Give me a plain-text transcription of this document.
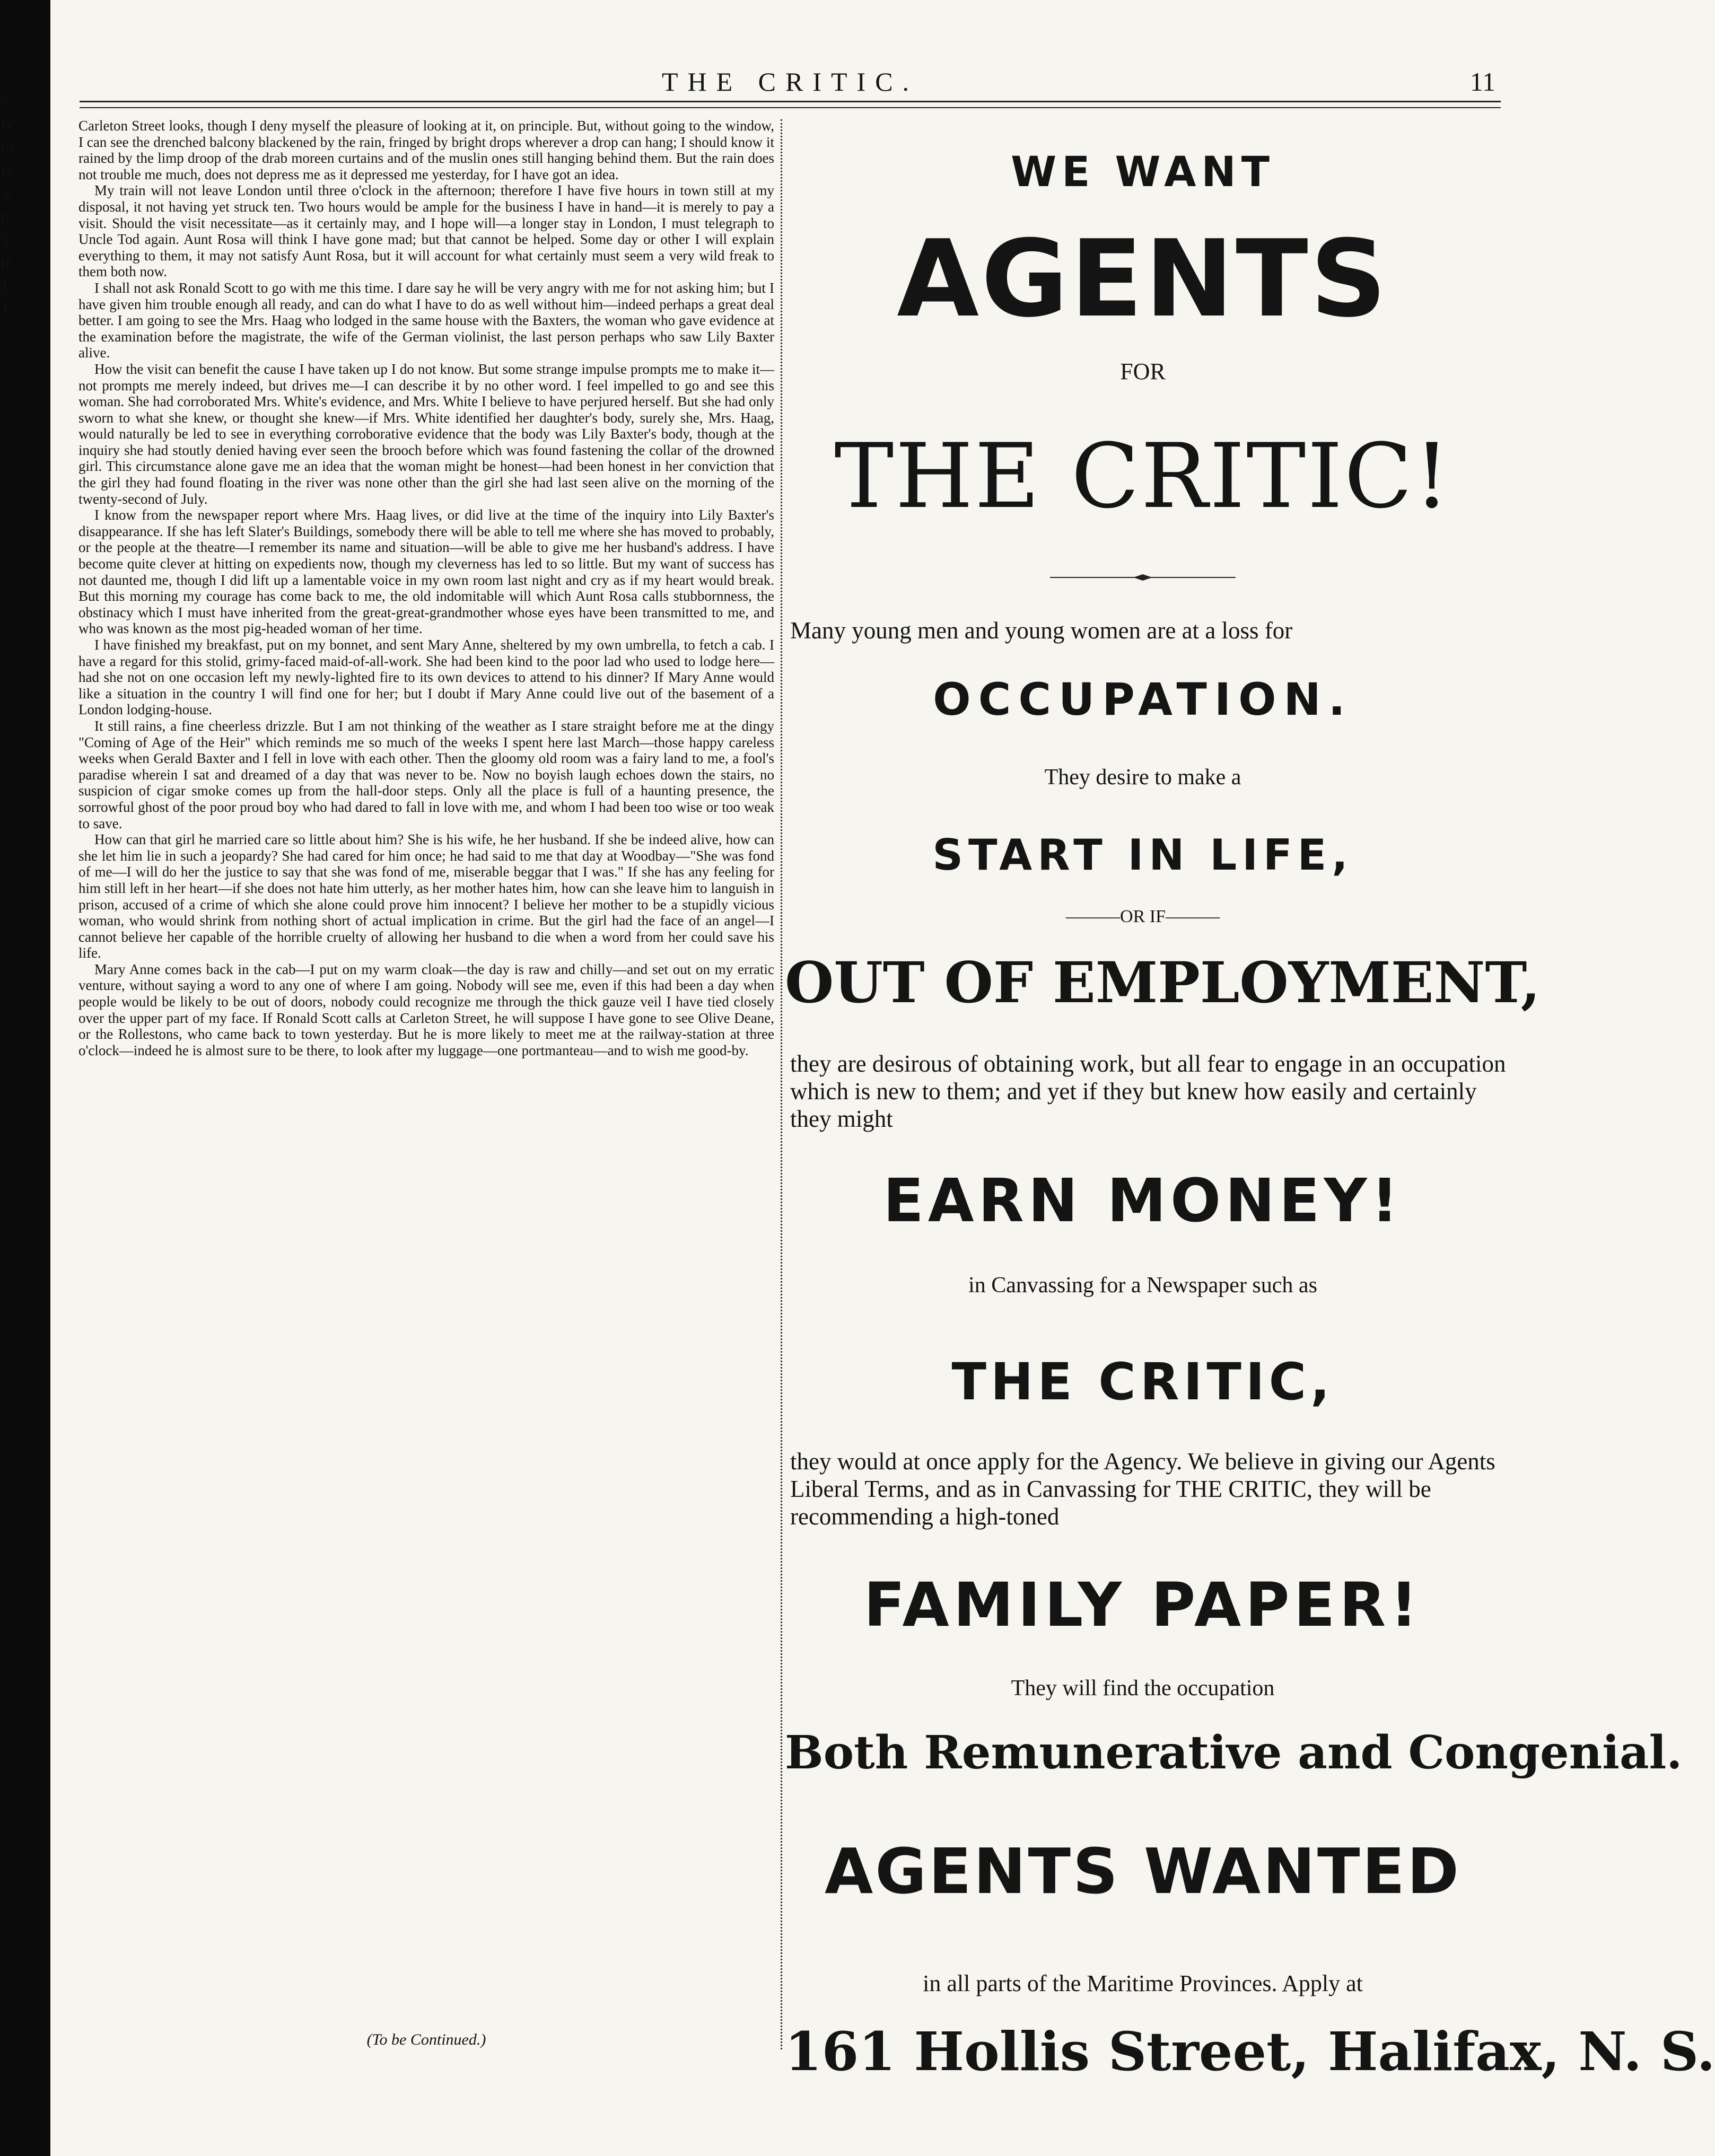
=
ly
of
ly
'e
it
1
if
1
1
THE CRITIC.	11

Carleton Street looks, though I deny myself the pleasure of looking at it, on principle. But, without going to the window, I can see the drenched balcony blackened by the rain, fringed by bright drops wherever a drop can hang; I should know it rained by the limp droop of the drab moreen curtains and of the muslin ones still hanging behind them. But the rain does not trouble me much, does not depress me as it depressed me yesterday, for I have got an idea.

My train will not leave London until three o'clock in the afternoon; therefore I have five hours in town still at my disposal, it not having yet struck ten. Two hours would be ample for the business I have in hand—it is merely to pay a visit. Should the visit necessitate—as it certainly may, and I hope will—a longer stay in London, I must telegraph to Uncle Tod again. Aunt Rosa will think I have gone mad; but that cannot be helped. Some day or other I will explain everything to them, it may not satisfy Aunt Rosa, but it will account for what certainly must seem a very wild freak to them both now.

I shall not ask Ronald Scott to go with me this time. I dare say he will be very angry with me for not asking him; but I have given him trouble enough all ready, and can do what I have to do as well without him—indeed perhaps a great deal better. I am going to see the Mrs. Haag who lodged in the same house with the Baxters, the woman who gave evidence at the examination before the magistrate, the wife of the German violinist, the last person perhaps who saw Lily Baxter alive.

How the visit can benefit the cause I have taken up I do not know. But some strange impulse prompts me to make it—not prompts me merely indeed, but drives me—I can describe it by no other word. I feel impelled to go and see this woman. She had corroborated Mrs. White's evidence, and Mrs. White I believe to have perjured herself. But she had only sworn to what she knew, or thought she knew—if Mrs. White identified her daughter's body, surely she, Mrs. Haag, would naturally be led to see in everything corroborative evidence that the body was Lily Baxter's body, though at the inquiry she had stoutly denied having ever seen the brooch before which was found fastening the collar of the drowned girl. This circumstance alone gave me an idea that the woman might be honest—had been honest in her conviction that the girl they had found floating in the river was none other than the girl she had last seen alive on the morning of the twenty-second of July.

I know from the newspaper report where Mrs. Haag lives, or did live at the time of the inquiry into Lily Baxter's disappearance. If she has left Slater's Buildings, somebody there will be able to tell me where she has moved to probably, or the people at the theatre—I remember its name and situation—will be able to give me her husband's address. I have become quite clever at hitting on expedients now, though my cleverness has led to so little. But my want of success has not daunted me, though I did lift up a lamentable voice in my own room last night and cry as if my heart would break. But this morning my courage has come back to me, the old indomitable will which Aunt Rosa calls stubbornness, the obstinacy which I must have inherited from the great-great-grandmother whose eyes have been transmitted to me, and who was known as the most pig-headed woman of her time.

I have finished my breakfast, put on my bonnet, and sent Mary Anne, sheltered by my own umbrella, to fetch a cab. I have a regard for this stolid, grimy-faced maid-of-all-work. She had been kind to the poor lad who used to lodge here—had she not on one occasion left my newly-lighted fire to its own devices to attend to his dinner? If Mary Anne would like a situation in the country I will find one for her; but I doubt if Mary Anne could live out of the basement of a London lodging-house.

It still rains, a fine cheerless drizzle. But I am not thinking of the weather as I stare straight before me at the dingy "Coming of Age of the Heir" which reminds me so much of the weeks I spent here last March—those happy careless weeks when Gerald Baxter and I fell in love with each other. Then the gloomy old room was a fairy land to me, a fool's paradise wherein I sat and dreamed of a day that was never to be. Now no boyish laugh echoes down the stairs, no suspicion of cigar smoke comes up from the hall-door steps. Only all the place is full of a haunting presence, the sorrowful ghost of the poor proud boy who had dared to fall in love with me, and whom I had been too wise or too weak to save.

How can that girl he married care so little about him? She is his wife, he her husband. If she be indeed alive, how can she let him lie in such a jeopardy? She had cared for him once; he had said to me that day at Woodbay—"She was fond of me—I will do her the justice to say that she was fond of me, miserable beggar that I was." If she has any feeling for him still left in her heart—if she does not hate him utterly, as her mother hates him, how can she leave him to languish in prison, accused of a crime of which she alone could prove him innocent? I believe her mother to be a stupidly vicious woman, who would shrink from nothing short of actual implication in crime. But the girl had the face of an angel—I cannot believe her capable of the horrible cruelty of allowing her husband to die when a word from her could save his life.

Mary Anne comes back in the cab—I put on my warm cloak—the day is raw and chilly—and set out on my erratic venture, without saying a word to any one of where I am going. Nobody will see me, even if this had been a day when people would be likely to be out of doors, nobody could recognize me through the thick gauze veil I have tied closely over the upper part of my face. If Ronald Scott calls at Carleton Street, he will suppose I have gone to see Olive Deane, or the Rollestons, who came back to town yesterday. But he is more likely to meet me at the railway-station at three o'clock—indeed he is almost sure to be there, to look after my luggage—one portmanteau—and to wish me good-by.

(To be Continued.)
WE WANT
AGENTS
FOR
THE CRITIC!
Many young men and young women are at a loss for
OCCUPATION.
They desire to make a
START IN LIFE,
———OR IF———
OUT OF EMPLOYMENT,
they are desirous of obtaining work, but all fear to engage in an occupation which is new to them; and yet if they but knew how easily and certainly they might
EARN MONEY!
in Canvassing for a Newspaper such as
THE CRITIC,
they would at once apply for the Agency. We believe in giving our Agents Liberal Terms, and as in Canvassing for THE CRITIC, they will be recommending a high-toned
FAMILY PAPER!
They will find the occupation
Both Remunerative and Congenial.
AGENTS WANTED
in all parts of the Maritime Provinces. Apply at
161 Hollis Street, Halifax, N. S.
